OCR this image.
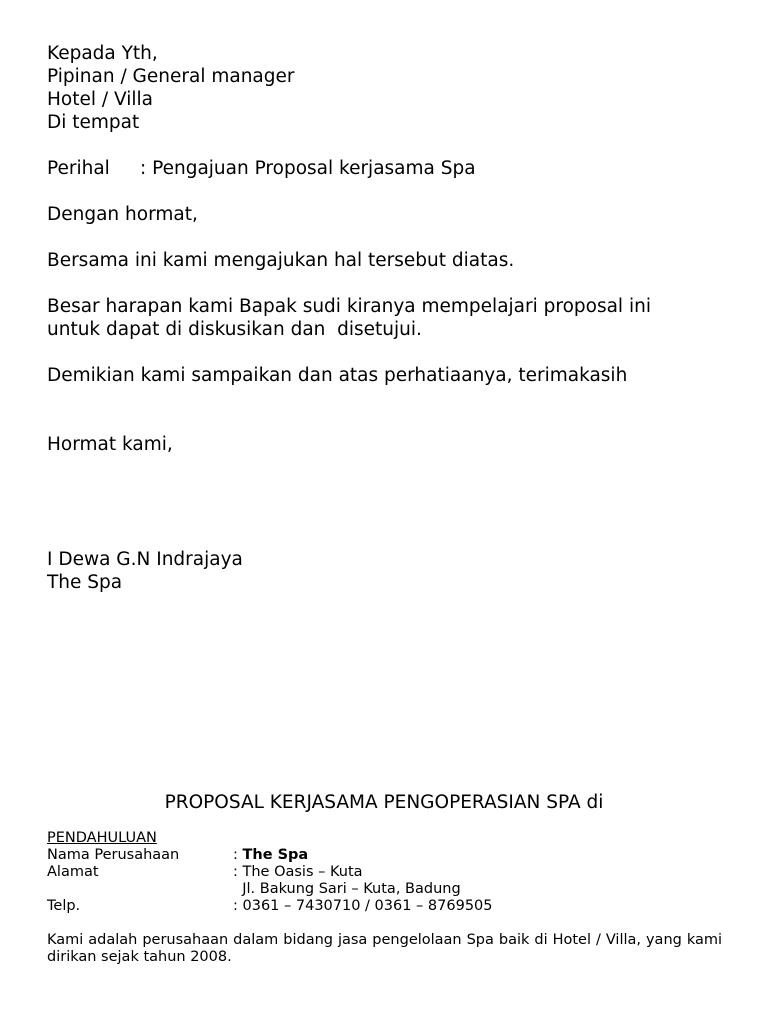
Kepada Yth,
Pipinan / General manager
Hotel / Villa
Di tempat
Perihal : Pengajuan Proposal kerjasama Spa
Dengan hormat,
Bersama ini kami mengajukan hal tersebut diatas.
Besar harapan kami Bapak sudi kiranya mempelajari proposal ini
untuk dapat di diskusikan dan  disetujui.
Demikian kami sampaikan dan atas perhatiaanya, terimakasih
Hormat kami,
I Dewa G.N Indrajaya
The Spa
PROPOSAL KERJASAMA PENGOPERASIAN SPA di
PENDAHULUAN
Nama Perusahaan	: The Spa
Alamat	: The Oasis – Kuta
Jl. Bakung Sari – Kuta, Badung
Telp.	: 0361 – 7430710 / 0361 – 8769505
Kami adalah perusahaan dalam bidang jasa pengelolaan Spa baik di Hotel / Villa, yang kami dirikan sejak tahun 2008.
